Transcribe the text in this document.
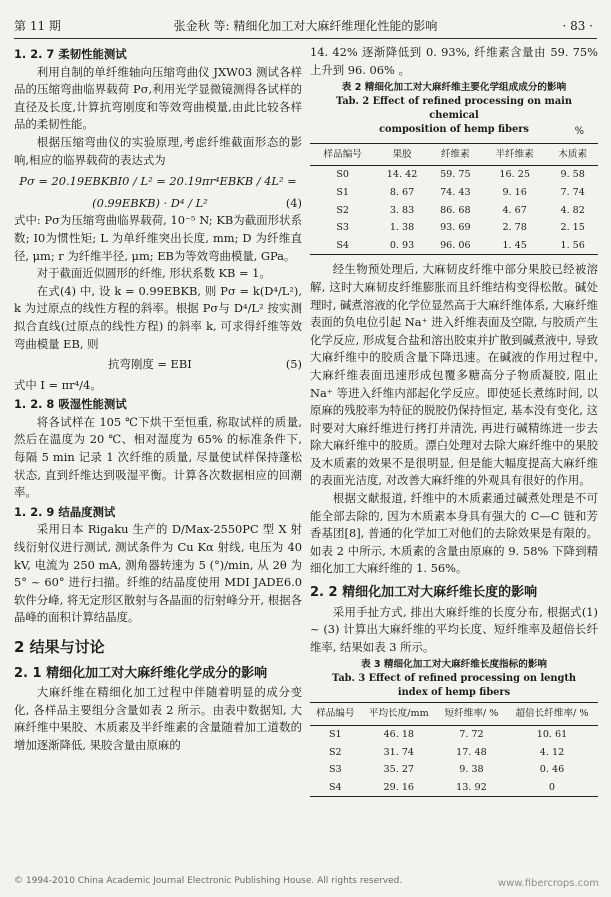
第 11 期	张金秋 等: 精细化加工对大麻纤维理化性能的影响	· 83 ·

1. 2. 7 柔韧性能测试

利用自制的单纤维轴向压缩弯曲仪 JXW03 测试各样品的压缩弯曲临界载荷 Pσ,利用光学显微镜测得各试样的直径及长度,计算抗弯刚度和等效弯曲模量,由此比较各样品的柔韧性能。

根据压缩弯曲仪的实验原理,考虑纤维截面形态的影响,相应的临界载荷的表达式为

Pσ = 20.19EBKBI0 / L² = 20.19πr⁴EBKB / 4L² =

(0.99EBKB) · D⁴ / L²	(4)

式中: Pσ为压缩弯曲临界载荷, 10⁻⁵ N; KB为截面形状系数; I0为惯性矩; L 为单纤维突出长度, mm; D 为纤维直径, μm; r 为纤维半径, μm; EB为等效弯曲模量, GPa。

对于截面近似圆形的纤维, 形状系数 KB = 1。

在式(4) 中, 设 k = 0.99EBKB, 则 Pσ = k(D⁴/L²), k 为过原点的线性方程的斜率。根据 Pσ与 D⁴/L² 按实测拟合直线(过原点的线性方程) 的斜率 k, 可求得纤维等效弯曲模量 EB, 则

抗弯刚度 = EBI	(5)

式中 I = πr⁴/4。

1. 2. 8 吸湿性能测试

将各试样在 105 ℃下烘干至恒重, 称取试样的质量, 然后在温度为 20 ℃、相对湿度为 65% 的标准条件下, 每隔 5 min 记录 1 次纤维的质量, 尽量使试样保持蓬松状态, 直到纤维达到吸湿平衡。计算各次数据相应的回潮率。

1. 2. 9 结晶度测试

采用日本 Rigaku 生产的 D/Max-2550PC 型 X 射线衍射仪进行测试, 测试条件为 Cu Kα 射线, 电压为 40 kV, 电流为 250 mA, 测角器转速为 5 (°)/min, 从 2θ 为 5° ~ 60° 进行扫描。纤维的结晶度使用 MDI JADE6.0 软件分峰, 将无定形区散射与各晶面的衍射峰分开, 根据各晶峰的面积计算结晶度。

2 结果与讨论

2. 1 精细化加工对大麻纤维化学成分的影响

大麻纤维在精细化加工过程中伴随着明显的成分变化, 各样品主要组分含量如表 2 所示。由表中数据知, 大麻纤维中果胶、木质素及半纤维素的含量随着加工道数的增加逐渐降低, 果胶含量由原麻的

14. 42% 逐渐降低到 0. 93%, 纤维素含量由 59. 75% 上升到 96. 06% 。

表 2 精细化加工对大麻纤维主要化学组成成分的影响

Tab. 2 Effect of refined processing on main chemical

composition of hemp fibers	%

样品编号	果胶	纤维素	半纤维素	木质素
S0	14. 42	59. 75	16. 25	9. 58
S1	8. 67	74. 43	9. 16	7. 74
S2	3. 83	86. 68	4. 67	4. 82
S3	1. 38	93. 69	2. 78	2. 15
S4	0. 93	96. 06	1. 45	1. 56

经生物预处理后, 大麻韧皮纤维中部分果胶已经被溶解, 这时大麻韧皮纤维膨胀而且纤维结构变得松散。碱处理时, 碱煮溶液的化学位显然高于大麻纤维体系, 大麻纤维表面的负电位引起 Na⁺ 进入纤维表面及空隙, 与胶质产生化学反应, 形成复合盐和溶出胶束并扩散到碱煮液中, 导致大麻纤维中的胶质含量下降迅速。在碱液的作用过程中, 大麻纤维表面迅速形成包覆多糖高分子物质凝胶, 阻止 Na⁺ 等进入纤维内部起化学反应。即使延长煮练时间, 以原麻的残胶率为特征的脱胶仍保持恒定, 基本没有变化, 这时要对大麻纤维进行拷打并清洗, 再进行碱精练进一步去除大麻纤维中的胶质。漂白处理对去除大麻纤维中的果胶及木质素的效果不是很明显, 但是能大幅度提高大麻纤维的表面光洁度, 对改善大麻纤维的外观具有很好的作用。

根据文献报道, 纤维中的木质素通过碱煮处理是不可能全部去除的, 因为木质素本身具有强大的 C—C 链和芳香基团[8], 普通的化学加工对他们的去除效果是有限的。如表 2 中所示, 木质素的含量由原麻的 9. 58% 下降到精细化加工大麻纤维的 1. 56%。

2. 2 精细化加工对大麻纤维长度的影响

采用手扯方式, 排出大麻纤维的长度分布, 根据式(1) ~ (3) 计算出大麻纤维的平均长度、短纤维率及超倍长纤维率, 结果如表 3 所示。

表 3 精细化加工对大麻纤维长度指标的影响

Tab. 3 Effect of refined processing on length

index of hemp fibers

样品编号	平均长度/mm	短纤维率/ %	超倍长纤维率/ %
S1	46. 18	7. 72	10. 61
S2	31. 74	17. 48	4. 12
S3	35. 27	9. 38	0. 46
S4	29. 16	13. 92	0
© 1994-2010 China Academic Journal Electronic Publishing House. All rights reserved.	www.fibercrops.com
